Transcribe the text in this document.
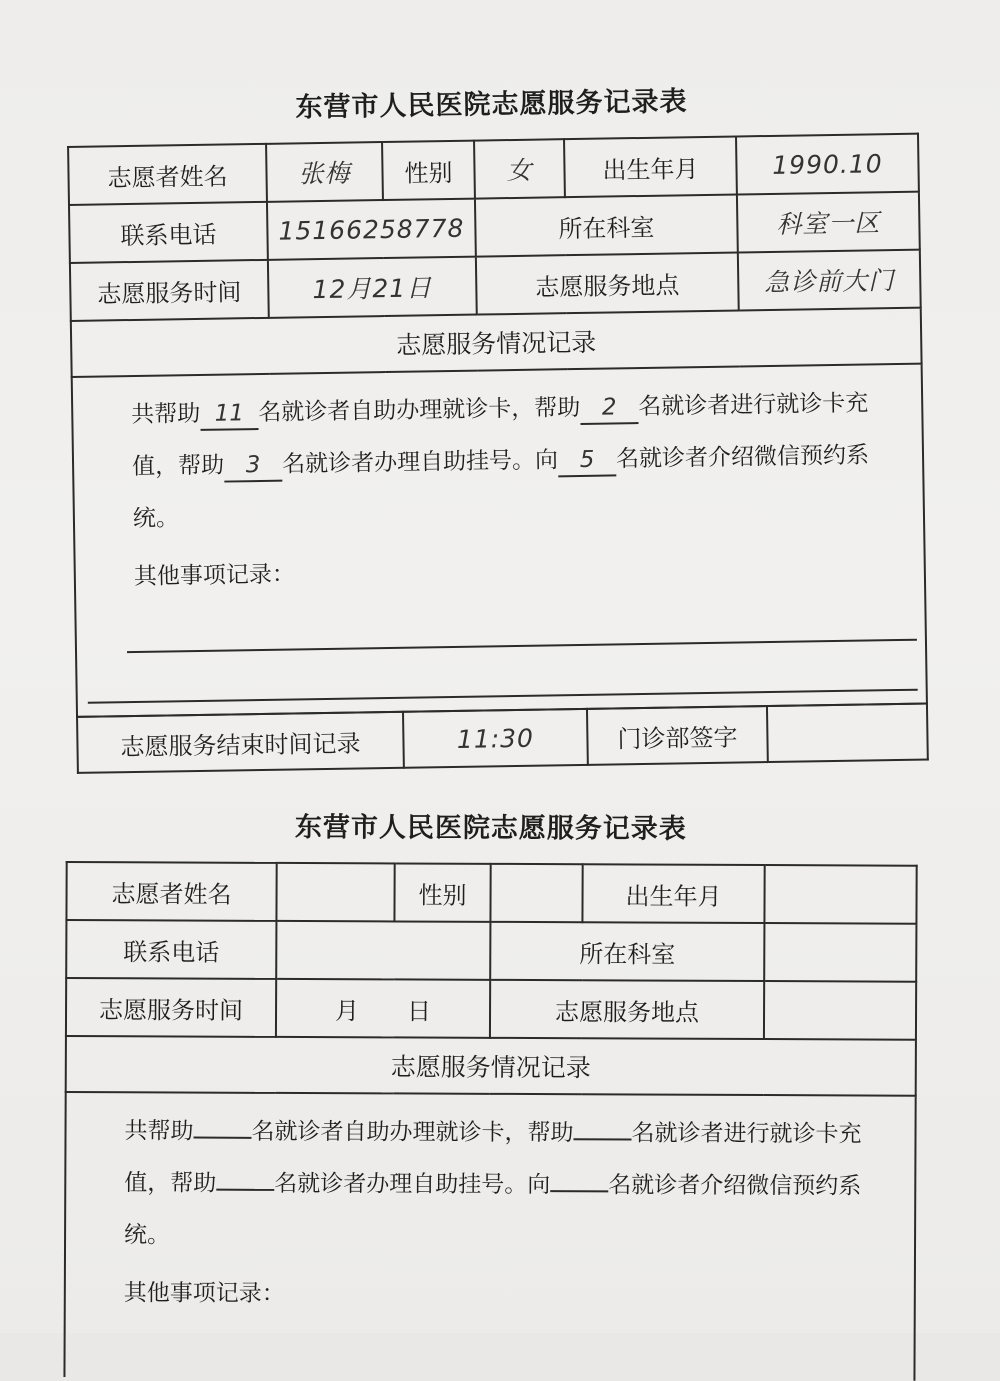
东营市人民医院志愿服务记录表
志愿者姓名	张梅	性别	女	出生年月	1990.10
联系电话	15166258778		所在科室		科室一区
志愿服务时间	12月21日		志愿服务地点		急诊前大门
志愿服务情况记录					

共帮助 11 名就诊者自助办理就诊卡，帮助 2 名就诊者进行就诊卡充值，帮助 3 名就诊者办理自助挂号。向 5 名就诊者介绍微信预约系统。
其他事项记录：					
志愿服务结束时间记录	11:30	门诊部签字	
东营市人民医院志愿服务记录表
志愿者姓名		性别		出生年月	
联系电话			所在科室		
志愿服务时间	月　　日		志愿服务地点		
志愿服务情况记录					

共帮助 名就诊者自助办理就诊卡，帮助 名就诊者进行就诊卡充值，帮助 名就诊者办理自助挂号。向 名就诊者介绍微信预约系统。
其他事项记录：					
